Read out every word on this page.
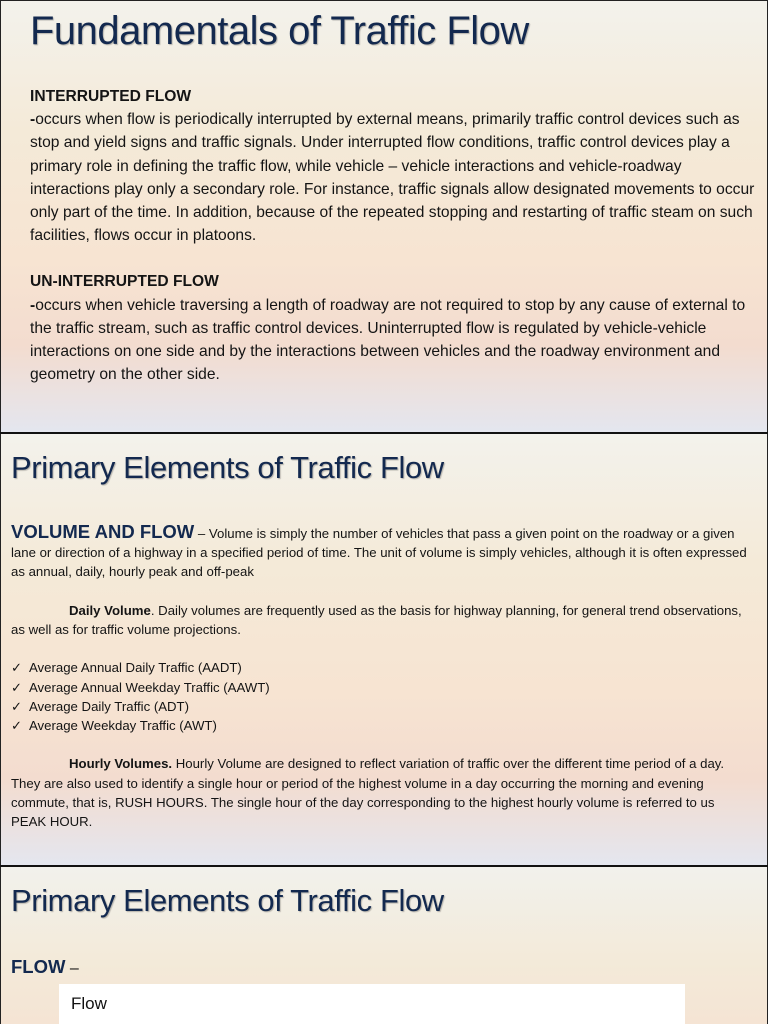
Fundamentals of Traffic Flow

INTERRUPTED FLOW

-occurs when flow is periodically interrupted by external means, primarily traffic control devices such as stop and yield signs and traffic signals. Under interrupted flow conditions, traffic control devices play a primary role in defining the traffic flow, while vehicle – vehicle interactions and vehicle-roadway interactions play only a secondary role. For instance, traffic signals allow designated movements to occur only part of the time. In addition, because of the repeated stopping and restarting of traffic steam on such facilities, flows occur in platoons.

UN-INTERRUPTED FLOW

-occurs when vehicle traversing a length of roadway are not required to stop by any cause of external to the traffic stream, such as traffic control devices. Uninterrupted flow is regulated by vehicle-vehicle interactions on one side and by the interactions between vehicles and the roadway environment and geometry on the other side.

Primary Elements of Traffic Flow

VOLUME AND FLOW – Volume is simply the number of vehicles that pass a given point on the roadway or a given lane or direction of a highway in a specified period of time. The unit of volume is simply vehicles, although it is often expressed as annual, daily, hourly peak and off-peak

Daily Volume. Daily volumes are frequently used as the basis for highway planning, for general trend observations, as well as for traffic volume projections.

✓ Average Annual Daily Traffic (AADT)
✓ Average Annual Weekday Traffic (AAWT)
✓ Average Daily Traffic (ADT)
✓ Average Weekday Traffic (AWT)

Hourly Volumes. Hourly Volume are designed to reflect variation of traffic over the different time period of a day. They are also used to identify a single hour or period of the highest volume in a day occurring the morning and evening commute, that is, RUSH HOURS. The single hour of the day corresponding to the highest hourly volume is referred to us PEAK HOUR.

Primary Elements of Traffic Flow
FLOW –
Flow
